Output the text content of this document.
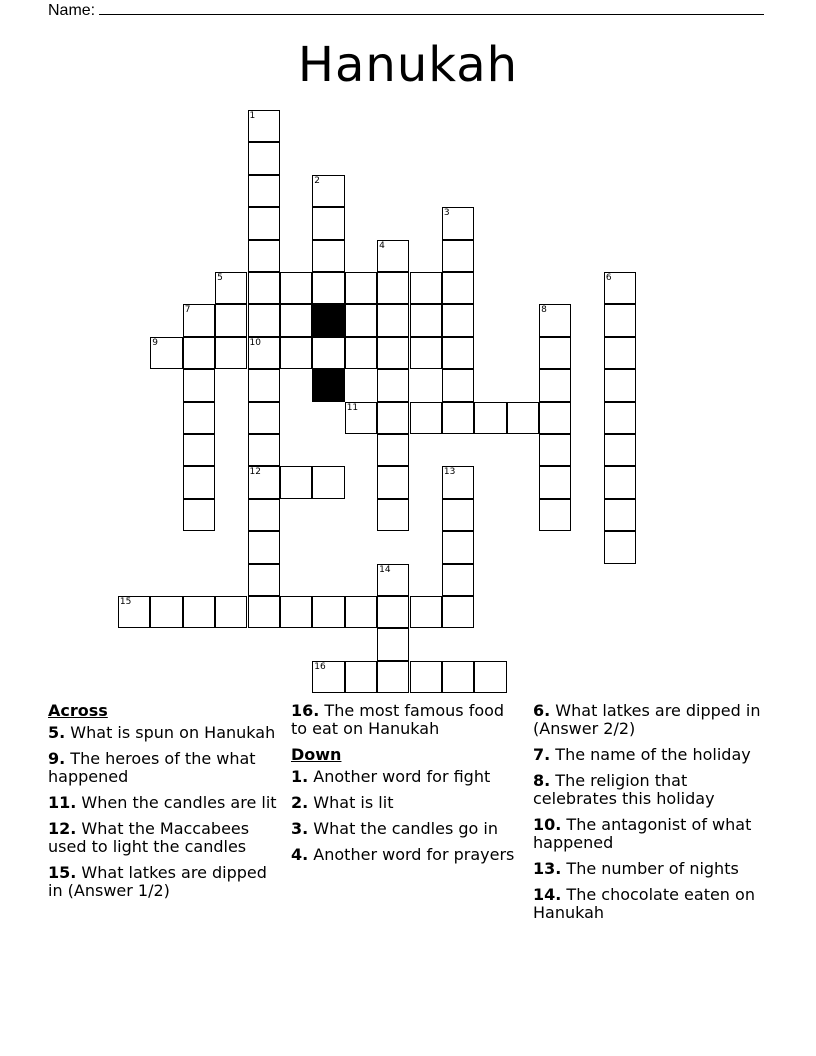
Name:
Hanukah
1
2
3
4
5	6
7	8
9	10
11
12	13
14
15
16
Across
5. What is spun on Hanukah
9. The heroes of the what happened
11. When the candles are lit
12. What the Maccabees used to light the candles
15. What latkes are dipped in (Answer 1/2)
16. The most famous food to eat on Hanukah
Down
1. Another word for fight
2. What is lit
3. What the candles go in
4. Another word for prayers
6. What latkes are dipped in (Answer 2/2)
7. The name of the holiday
8. The religion that celebrates this holiday
10. The antagonist of what happened
13. The number of nights
14. The chocolate eaten on Hanukah
